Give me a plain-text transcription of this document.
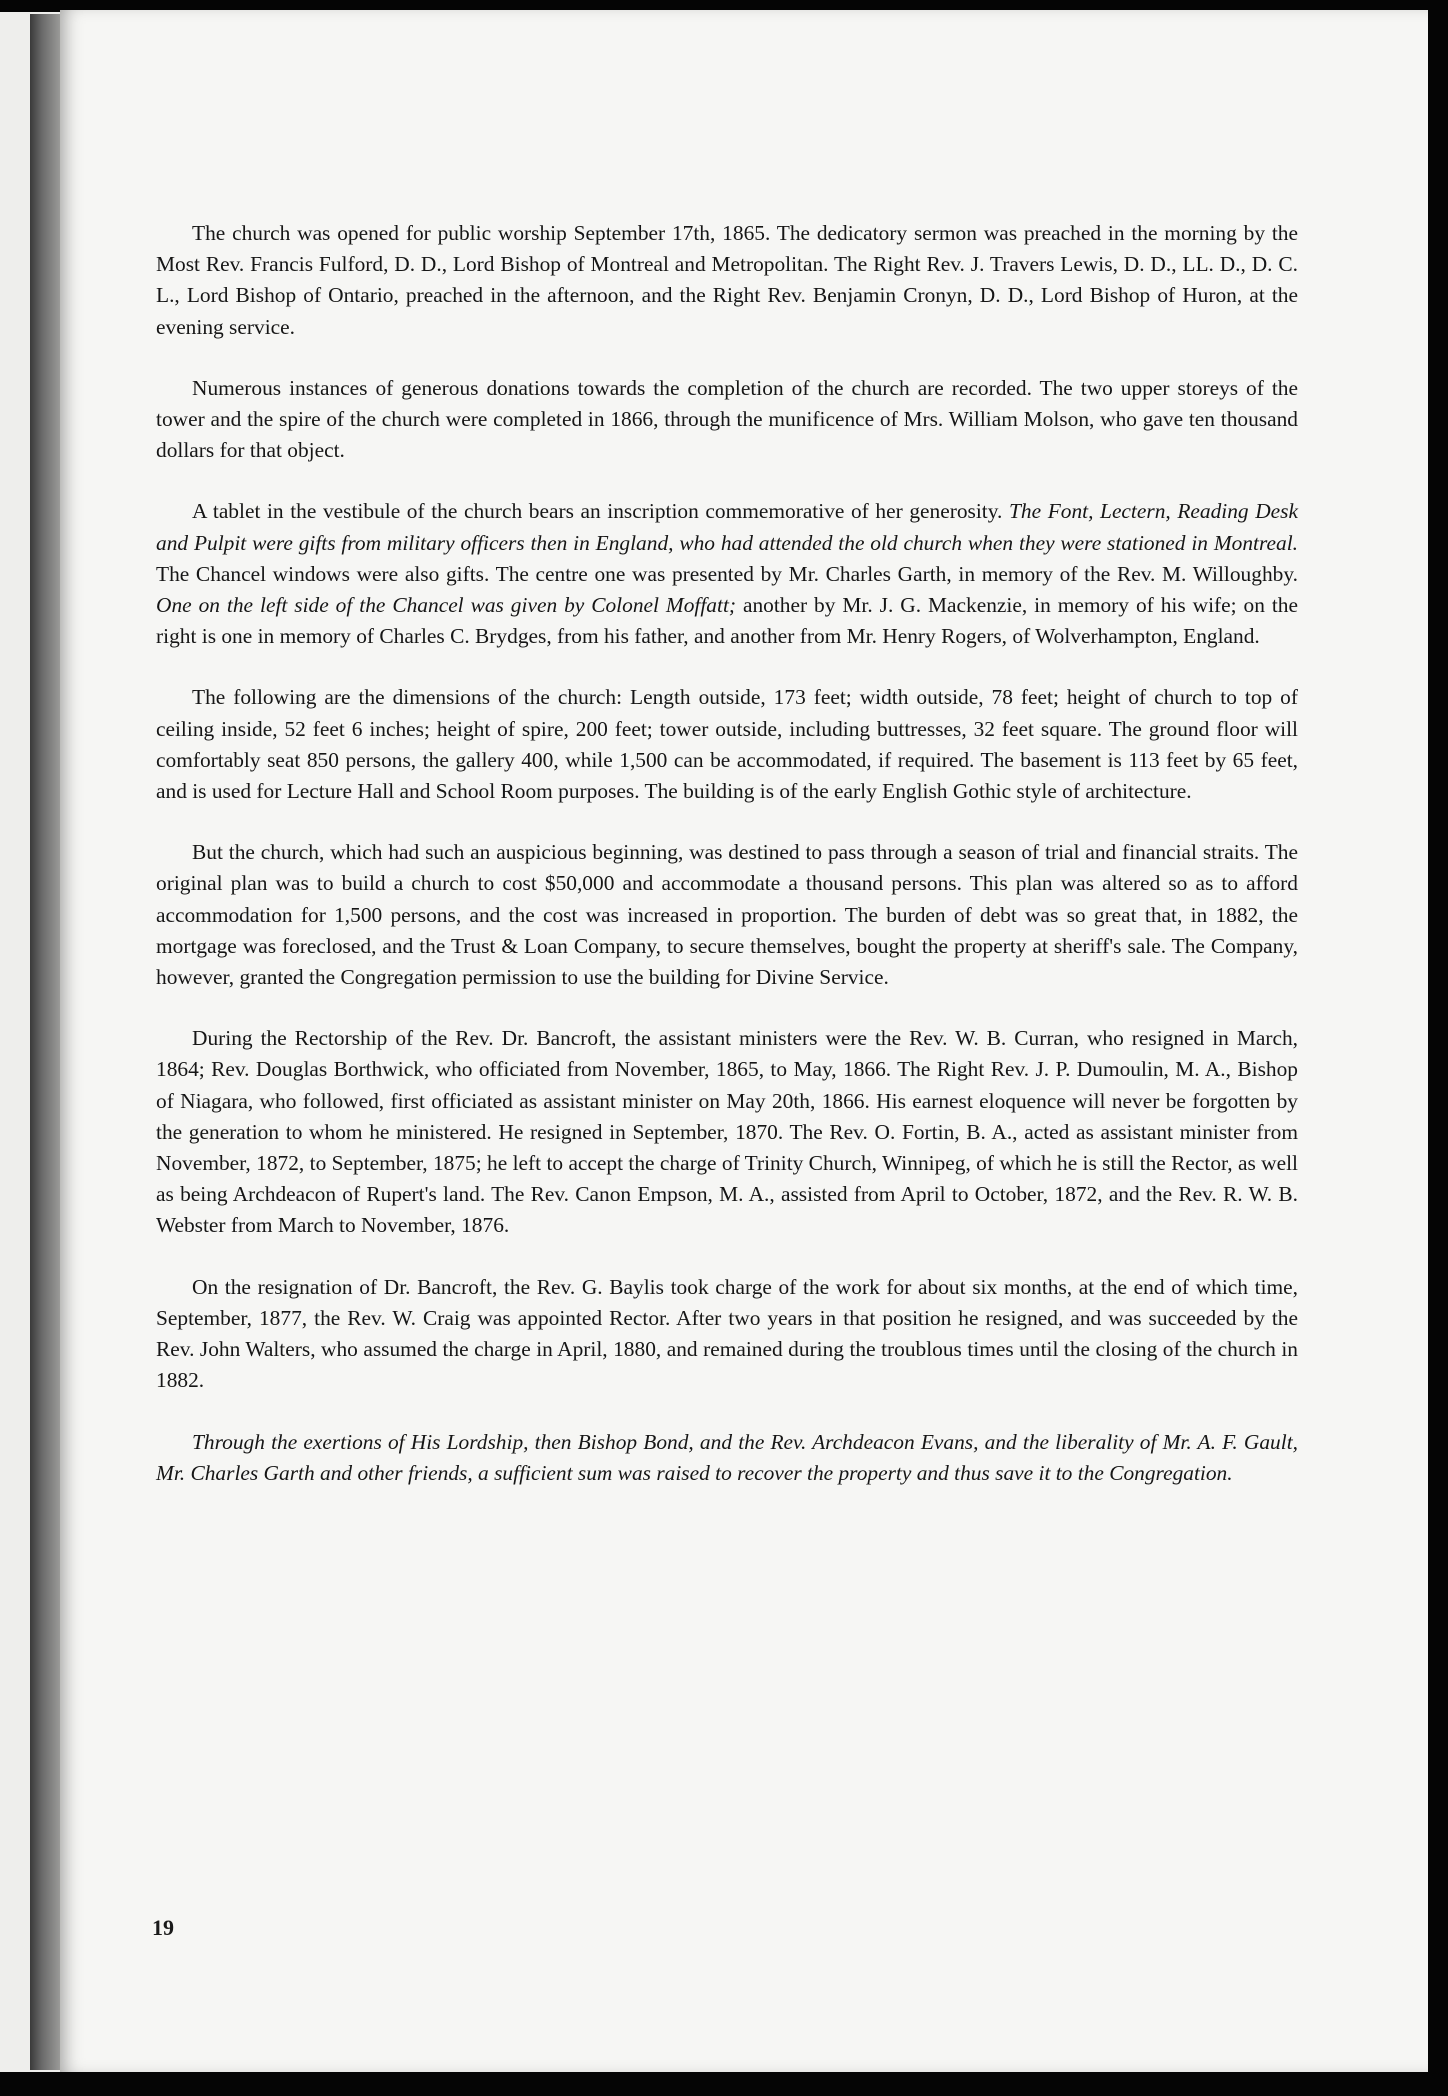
The church was opened for public worship September 17th, 1865. The dedicatory sermon was preached in the morning by the Most Rev. Francis Fulford, D. D., Lord Bishop of Montreal and Metropolitan. The Right Rev. J. Travers Lewis, D. D., LL. D., D. C. L., Lord Bishop of Ontario, preached in the afternoon, and the Right Rev. Benjamin Cronyn, D. D., Lord Bishop of Huron, at the evening service.

Numerous instances of generous donations towards the completion of the church are recorded. The two upper storeys of the tower and the spire of the church were completed in 1866, through the munificence of Mrs. William Molson, who gave ten thousand dollars for that object.

A tablet in the vestibule of the church bears an inscription commemorative of her generosity. The Font, Lectern, Reading Desk and Pulpit were gifts from military officers then in England, who had attended the old church when they were stationed in Montreal. The Chancel windows were also gifts. The centre one was presented by Mr. Charles Garth, in memory of the Rev. M. Willoughby. One on the left side of the Chancel was given by Colonel Moffatt; another by Mr. J. G. Mackenzie, in memory of his wife; on the right is one in memory of Charles C. Brydges, from his father, and another from Mr. Henry Rogers, of Wolverhampton, England.

The following are the dimensions of the church: Length outside, 173 feet; width outside, 78 feet; height of church to top of ceiling inside, 52 feet 6 inches; height of spire, 200 feet; tower outside, including buttresses, 32 feet square. The ground floor will comfortably seat 850 persons, the gallery 400, while 1,500 can be accommodated, if required. The basement is 113 feet by 65 feet, and is used for Lecture Hall and School Room purposes. The building is of the early English Gothic style of architecture.

But the church, which had such an auspicious beginning, was destined to pass through a season of trial and financial straits. The original plan was to build a church to cost $50,000 and accommodate a thousand persons. This plan was altered so as to afford accommodation for 1,500 persons, and the cost was increased in proportion. The burden of debt was so great that, in 1882, the mortgage was foreclosed, and the Trust & Loan Company, to secure themselves, bought the property at sheriff's sale. The Company, however, granted the Congregation permission to use the building for Divine Service.

During the Rectorship of the Rev. Dr. Bancroft, the assistant ministers were the Rev. W. B. Curran, who resigned in March, 1864; Rev. Douglas Borthwick, who officiated from November, 1865, to May, 1866. The Right Rev. J. P. Dumoulin, M. A., Bishop of Niagara, who followed, first officiated as assistant minister on May 20th, 1866. His earnest eloquence will never be forgotten by the generation to whom he ministered. He resigned in September, 1870. The Rev. O. Fortin, B. A., acted as assistant minister from November, 1872, to September, 1875; he left to accept the charge of Trinity Church, Winnipeg, of which he is still the Rector, as well as being Archdeacon of Rupert's land. The Rev. Canon Empson, M. A., assisted from April to October, 1872, and the Rev. R. W. B. Webster from March to November, 1876.

On the resignation of Dr. Bancroft, the Rev. G. Baylis took charge of the work for about six months, at the end of which time, September, 1877, the Rev. W. Craig was appointed Rector. After two years in that position he resigned, and was succeeded by the Rev. John Walters, who assumed the charge in April, 1880, and remained during the troublous times until the closing of the church in 1882.

Through the exertions of His Lordship, then Bishop Bond, and the Rev. Archdeacon Evans, and the liberality of Mr. A. F. Gault, Mr. Charles Garth and other friends, a sufficient sum was raised to recover the property and thus save it to the Congregation.

19
